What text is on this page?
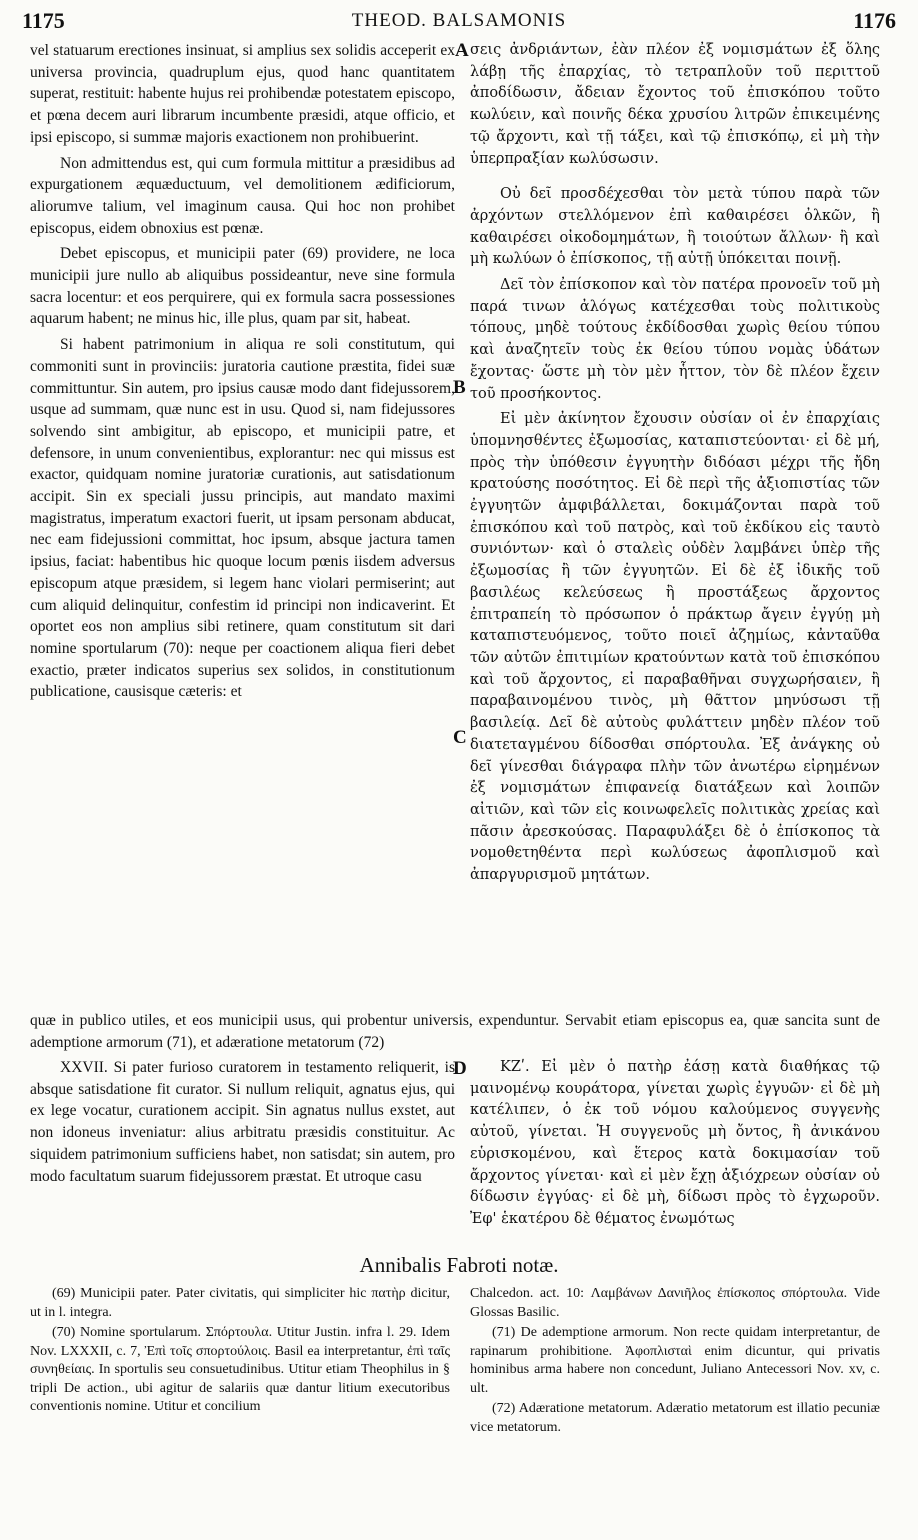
1175	THEOD. BALSAMONIS	1176
A
B
C
D

vel statuarum erectiones insinuat, si amplius sex solidis acceperit ex universa provincia, quadruplum ejus, quod hanc quantitatem superat, restituit: habente hujus rei prohibendæ potestatem episcopo, et pœna decem auri librarum incumbente præsidi, atque officio, et ipsi episcopo, si summæ majoris exactionem non prohibuerint.

Non admittendus est, qui cum formula mittitur a præsidibus ad expurgationem æquæductuum, vel demolitionem ædificiorum, aliorumve talium, vel imaginum causa. Qui hoc non prohibet episcopus, eidem obnoxius est pœnæ.

Debet episcopus, et municipii pater (69) providere, ne loca municipii jure nullo ab aliquibus possideantur, neve sine formula sacra locentur: et eos perquirere, qui ex formula sacra possessiones aquarum habent; ne minus hic, ille plus, quam par sit, habeat.

Si habent patrimonium in aliqua re soli constitutum, qui commoniti sunt in provinciis: juratoria cautione præstita, fidei suæ committuntur. Sin autem, pro ipsius causæ modo dant fidejussorem, usque ad summam, quæ nunc est in usu. Quod si, nam fidejussores solvendo sint ambigitur, ab episcopo, et municipii patre, et defensore, in unum convenientibus, explorantur: nec qui missus est exactor, quidquam nomine juratoriæ curationis, aut satisdationum accipit. Sin ex speciali jussu principis, aut mandato maximi magistratus, imperatum exactori fuerit, ut ipsam personam abducat, nec eam fidejussioni committat, hoc ipsum, absque jactura tamen ipsius, faciat: habentibus hic quoque locum pœnis iisdem adversus episcopum atque præsidem, si legem hanc violari permiserint; aut cum aliquid delinquitur, confestim id principi non indicaverint. Et oportet eos non amplius sibi retinere, quam constitutum sit dari nomine sportularum (70): neque per coactionem aliqua fieri debet exactio, præter indicatos superius sex solidos, in constitutionum publicatione, causisque cæteris: et

σεις ἀνδριάντων, ἐὰν πλέον ἐξ νομισμάτων ἐξ ὅλης λάβῃ τῆς ἐπαρχίας, τὸ τετραπλοῦν τοῦ περιττοῦ ἀποδίδωσιν, ἄδειαν ἔχοντος τοῦ ἐπισκόπου τοῦτο κωλύειν, καὶ ποινῆς δέκα χρυσίου λιτρῶν ἐπικειμένης τῷ ἄρχοντι, καὶ τῇ τάξει, καὶ τῷ ἐπισκόπῳ, εἰ μὴ τὴν ὑπερπραξίαν κωλύσωσιν.

Οὐ δεῖ προσδέχεσθαι τὸν μετὰ τύπου παρὰ τῶν ἀρχόντων στελλόμενον ἐπὶ καθαιρέσει ὀλκῶν, ἢ καθαιρέσει οἰκοδομημάτων, ἢ τοιούτων ἄλλων· ἢ καὶ μὴ κωλύων ὁ ἐπίσκοπος, τῇ αὐτῇ ὑπόκειται ποινῇ.

Δεῖ τὸν ἐπίσκοπον καὶ τὸν πατέρα προνοεῖν τοῦ μὴ παρά τινων ἀλόγως κατέχεσθαι τοὺς πολιτικοὺς τόπους, μηδὲ τούτους ἐκδίδοσθαι χωρὶς θείου τύπου καὶ ἀναζητεῖν τοὺς ἐκ θείου τύπου νομὰς ὑδάτων ἔχοντας· ὥστε μὴ τὸν μὲν ἧττον, τὸν δὲ πλέον ἔχειν τοῦ προσήκοντος.

Εἰ μὲν ἀκίνητον ἔχουσιν οὐσίαν οἱ ἐν ἐπαρχίαις ὑπομνησθέντες ἐξωμοσίας, καταπιστεύονται· εἰ δὲ μή, πρὸς τὴν ὑπόθεσιν ἐγγυητὴν διδόασι μέχρι τῆς ἤδη κρατούσης ποσότητος. Εἰ δὲ περὶ τῆς ἀξιοπιστίας τῶν ἐγγυητῶν ἀμφιβάλλεται, δοκιμάζονται παρὰ τοῦ ἐπισκόπου καὶ τοῦ πατρὸς, καὶ τοῦ ἐκδίκου εἰς ταυτὸ συνιόντων· καὶ ὁ σταλεὶς οὐδὲν λαμβάνει ὑπὲρ τῆς ἐξωμοσίας ἢ τῶν ἐγγυητῶν. Εἰ δὲ ἐξ ἰδικῆς τοῦ βασιλέως κελεύσεως ἢ προστάξεως ἄρχοντος ἐπιτραπείη τὸ πρόσωπον ὁ πράκτωρ ἄγειν ἐγγύῃ μὴ καταπιστευόμενος, τοῦτο ποιεῖ ἀζημίως, κἀνταῦθα τῶν αὐτῶν ἐπιτιμίων κρατούντων κατὰ τοῦ ἐπισκόπου καὶ τοῦ ἄρχοντος, εἰ παραβαθῆναι συγχωρήσαιεν, ἢ παραβαινομένου τινὸς, μὴ θᾶττον μηνύσωσι τῇ βασιλείᾳ. Δεῖ δὲ αὐτοὺς φυλάττειν μηδὲν πλέον τοῦ διατεταγμένου δίδοσθαι σπόρτουλα. Ἐξ ἀνάγκης οὐ δεῖ γίνεσθαι διάγραφα πλὴν τῶν ἀνωτέρω εἰρημένων ἐξ νομισμάτων ἐπιφανείᾳ διατάξεων καὶ λοιπῶν αἰτιῶν, καὶ τῶν εἰς κοινωφελεῖς πολιτικὰς χρείας καὶ πᾶσιν ἀρεσκούσας. Παραφυλάξει δὲ ὁ ἐπίσκοπος τὰ νομοθετηθέντα περὶ κωλύσεως ἀφοπλισμοῦ καὶ ἀπαργυρισμοῦ μητάτων.

quæ in publico utiles, et eos municipii usus, qui probentur universis, expenduntur. Servabit etiam episcopus ea, quæ sancita sunt de ademptione armorum (71), et adæratione metatorum (72)

XXVII. Si pater furioso curatorem in testamento reliquerit, is absque satisdatione fit curator. Si nullum reliquit, agnatus ejus, qui ex lege vocatur, curationem accipit. Sin agnatus nullus exstet, aut non idoneus inveniatur: alius arbitratu præsidis constituitur. Ac siquidem patrimonium sufficiens habet, non satisdat; sin autem, pro modo facultatum suarum fidejussorem præstat. Et utroque casu

ΚΖʹ. Εἰ μὲν ὁ πατὴρ ἐάσῃ κατὰ διαθήκας τῷ μαινομένῳ κουράτορα, γίνεται χωρὶς ἐγγυῶν· εἰ δὲ μὴ κατέλιπεν, ὁ ἐκ τοῦ νόμου καλούμενος συγγενὴς αὐτοῦ, γίνεται. Ἡ συγγενοῦς μὴ ὄντος, ἢ ἀνικάνου εὑρισκομένου, καὶ ἕτερος κατὰ δοκιμασίαν τοῦ ἄρχοντος γίνεται· καὶ εἰ μὲν ἔχῃ ἀξιόχρεων οὐσίαν οὐ δίδωσιν ἐγγύας· εἰ δὲ μὴ, δίδωσι πρὸς τὸ ἐγχωροῦν. Ἐφ' ἑκατέρου δὲ θέματος ἐνωμότως

Annibalis Fabroti notæ.

(69) Municipii pater. Pater civitatis, qui simpliciter hic πατὴρ dicitur, ut in l. integra.

(70) Nomine sportularum. Σπόρτουλα. Utitur Justin. infra l. 29. Idem Nov. LXXXII, c. 7, Ἐπὶ τοῖς σπορτούλοις. Basil ea interpretantur, ἐπὶ ταῖς συνηθείαις. In sportulis seu consuetudinibus. Utitur etiam Theophilus in § tripli De action., ubi agitur de salariis quæ dantur litium executoribus conventionis nomine. Utitur et concilium

Chalcedon. act. 10: Λαμβάνων Δανιῆλος ἐπίσκοπος σπόρτουλα. Vide Glossas Basilic.

(71) De ademptione armorum. Non recte quidam interpretantur, de rapinarum prohibitione. Ἀφοπλισταὶ enim dicuntur, qui privatis hominibus arma habere non concedunt, Juliano Antecessori Nov. xv, c. ult.

(72) Adæratione metatorum. Adæratio metatorum est illatio pecuniæ vice metatorum.
